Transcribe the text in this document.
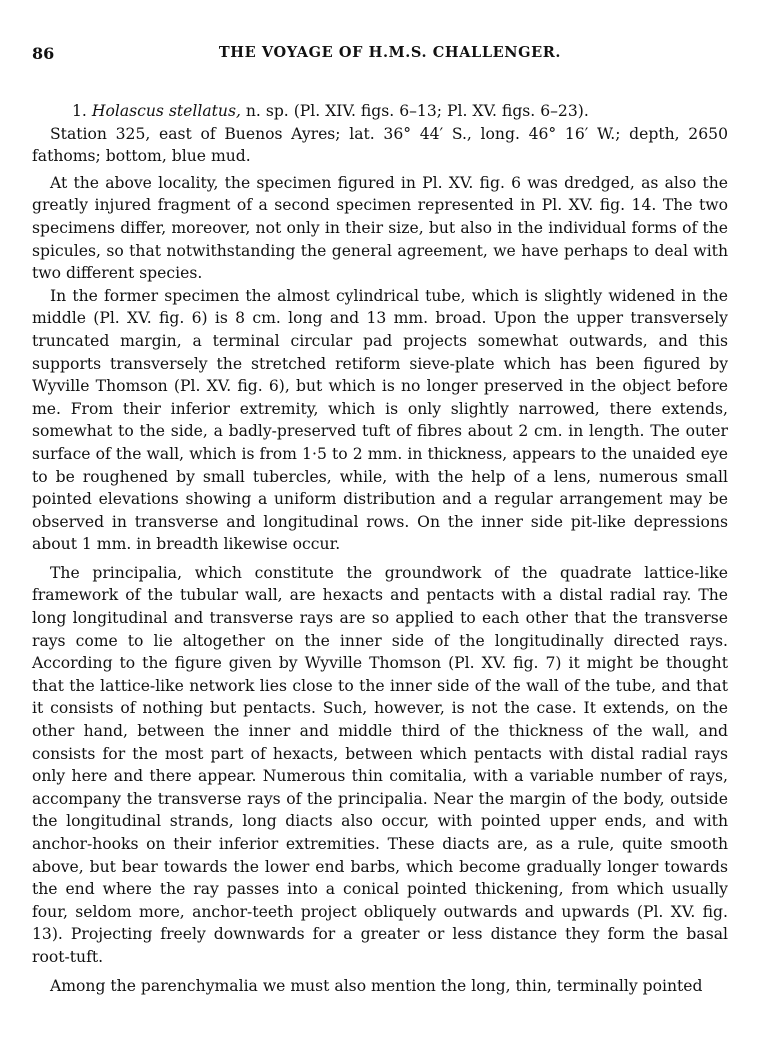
86	THE VOYAGE OF H.M.S. CHALLENGER.

1. Holascus stellatus, n. sp. (Pl. XIV. figs. 6–13; Pl. XV. figs. 6–23).

Station 325, east of Buenos Ayres; lat. 36° 44′ S., long. 46° 16′ W.; depth, 2650 fathoms; bottom, blue mud.

At the above locality, the specimen figured in Pl. XV. fig. 6 was dredged, as also the greatly injured fragment of a second specimen represented in Pl. XV. fig. 14. The two specimens differ, moreover, not only in their size, but also in the individual forms of the spicules, so that notwithstanding the general agreement, we have perhaps to deal with two different species.

In the former specimen the almost cylindrical tube, which is slightly widened in the middle (Pl. XV. fig. 6) is 8 cm. long and 13 mm. broad. Upon the upper transversely truncated margin, a terminal circular pad projects somewhat outwards, and this supports transversely the stretched retiform sieve-plate which has been figured by Wyville Thomson (Pl. XV. fig. 6), but which is no longer preserved in the object before me. From their inferior extremity, which is only slightly narrowed, there extends, somewhat to the side, a badly-preserved tuft of fibres about 2 cm. in length. The outer surface of the wall, which is from 1·5 to 2 mm. in thickness, appears to the unaided eye to be roughened by small tubercles, while, with the help of a lens, numerous small pointed elevations showing a uniform distribution and a regular arrangement may be observed in transverse and longitudinal rows. On the inner side pit-like depressions about 1 mm. in breadth likewise occur.

The principalia, which constitute the groundwork of the quadrate lattice-like framework of the tubular wall, are hexacts and pentacts with a distal radial ray. The long longitudinal and transverse rays are so applied to each other that the transverse rays come to lie altogether on the inner side of the longitudinally directed rays. According to the figure given by Wyville Thomson (Pl. XV. fig. 7) it might be thought that the lattice-like network lies close to the inner side of the wall of the tube, and that it consists of nothing but pentacts. Such, however, is not the case. It extends, on the other hand, between the inner and middle third of the thickness of the wall, and consists for the most part of hexacts, between which pentacts with distal radial rays only here and there appear. Numerous thin comitalia, with a variable number of rays, accompany the transverse rays of the principalia. Near the margin of the body, outside the longitudinal strands, long diacts also occur, with pointed upper ends, and with anchor-hooks on their inferior extremities. These diacts are, as a rule, quite smooth above, but bear towards the lower end barbs, which become gradually longer towards the end where the ray passes into a conical pointed thickening, from which usually four, seldom more, anchor-teeth project obliquely outwards and upwards (Pl. XV. fig. 13). Projecting freely downwards for a greater or less distance they form the basal root-tuft.

Among the parenchymalia we must also mention the long, thin, terminally pointed
